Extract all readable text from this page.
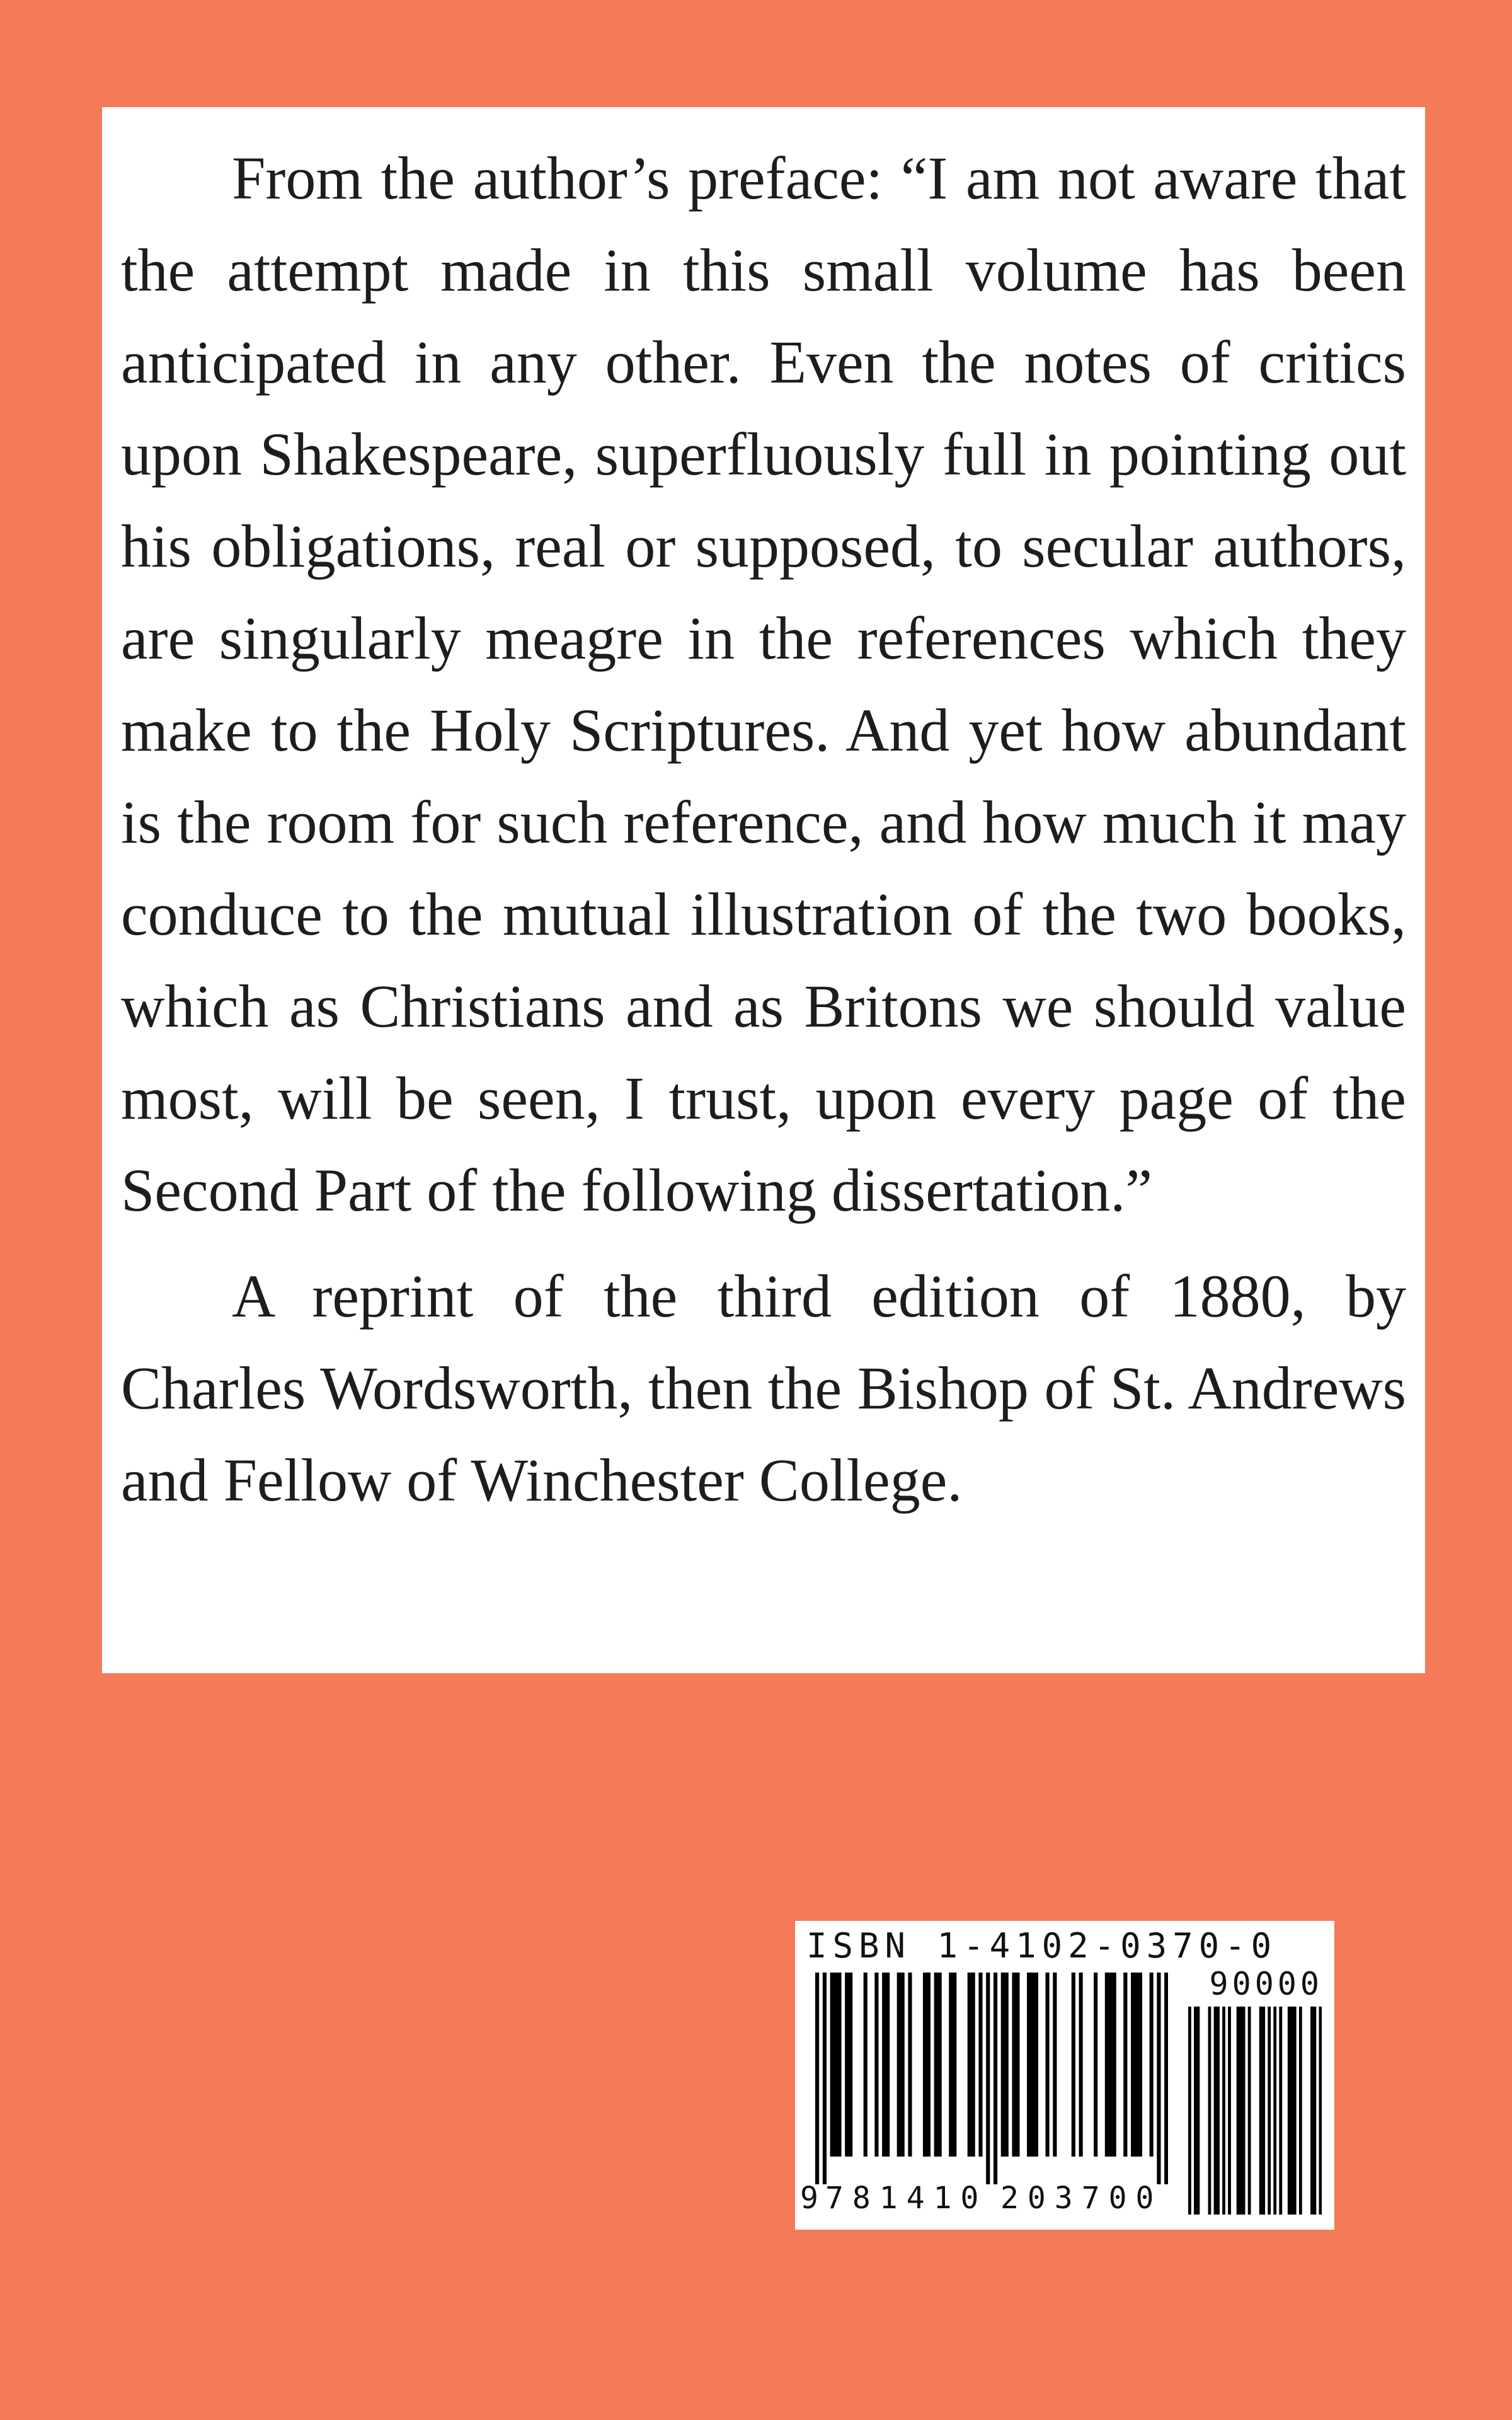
From the author’s preface: “I am not aware that the attempt made in this small volume has been anticipated in any other. Even the notes of critics upon Shakespeare, superfluously full in pointing out his obligations, real or supposed, to secular authors, are singularly meagre in the references which they make to the Holy Scriptures. And yet how abundant is the room for such reference, and how much it may conduce to the mutual illustration of the two books, which as Christians and as Britons we should value most, will be seen, I trust, upon every page of the Second Part of the following dissertation.”

A reprint of the third edition of 1880, by Charles Wordsworth, then the Bishop of St. Andrews and Fellow of Winchester College.

ISBN 1-4102-0370-0
90000
9 781410 203700
